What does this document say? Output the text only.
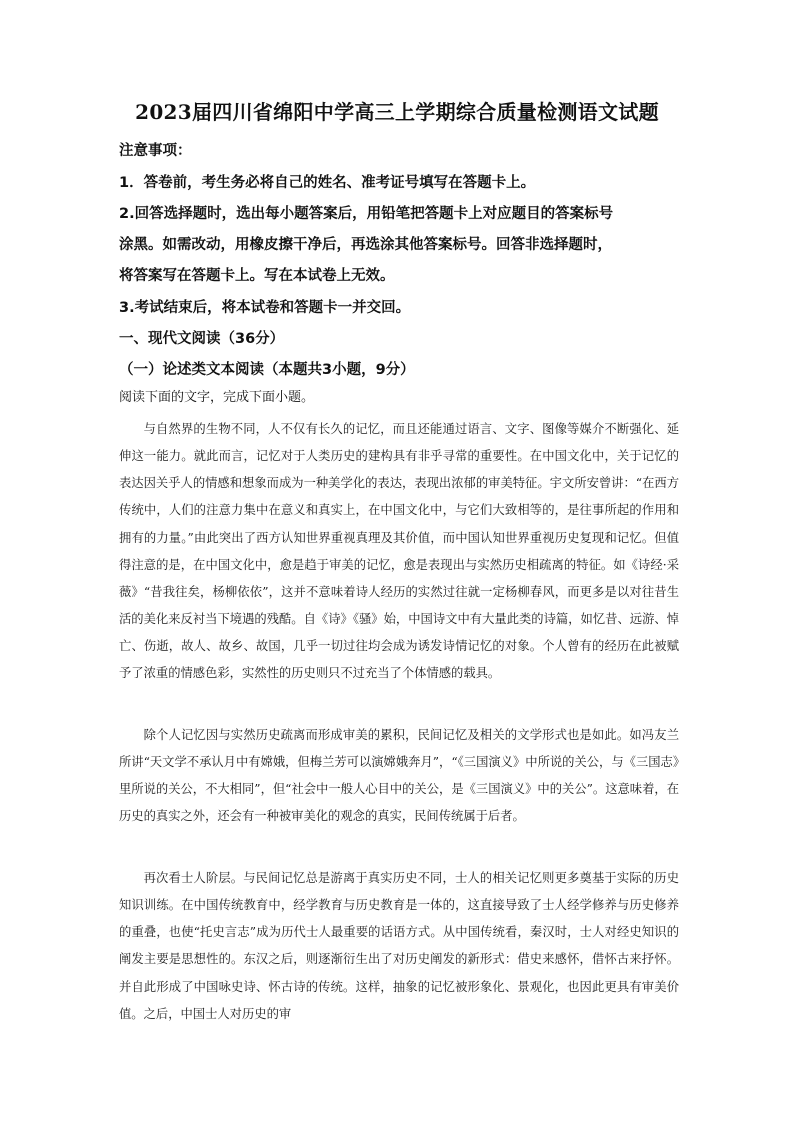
2023届四川省绵阳中学高三上学期综合质量检测语文试题
注意事项：
1．答卷前，考生务必将自己的姓名、准考证号填写在答题卡上。
2.回答选择题时，选出每小题答案后，用铅笔把答题卡上对应题目的答案标号
涂黑。如需改动，用橡皮擦干净后，再选涂其他答案标号。回答非选择题时，
将答案写在答题卡上。写在本试卷上无效。
3.考试结束后，将本试卷和答题卡一并交回。
一、现代文阅读（36分）
（一）论述类文本阅读（本题共3小题，9分）
阅读下面的文字，完成下面小题。

与自然界的生物不同，人不仅有长久的记忆，而且还能通过语言、文字、图像等媒介不断强化、延伸这一能力。就此而言，记忆对于人类历史的建构具有非乎寻常的重要性。在中国文化中，关于记忆的表达因关乎人的情感和想象而成为一种美学化的表达，表现出浓郁的审美特征。宇文所安曾讲：“在西方传统中，人们的注意力集中在意义和真实上，在中国文化中，与它们大致相等的，是往事所起的作用和拥有的力量。”由此突出了西方认知世界重视真理及其价值，而中国认知世界重视历史复现和记忆。但值得注意的是，在中国文化中，愈是趋于审美的记忆，愈是表现出与实然历史相疏离的特征。如《诗经·采薇》“昔我往矣，杨柳依依”，这并不意味着诗人经历的实然过往就一定杨柳春风，而更多是以对往昔生活的美化来反衬当下境遇的残酷。自《诗》《骚》始，中国诗文中有大量此类的诗篇，如忆昔、远游、悼亡、伤逝，故人、故乡、故国，几乎一切过往均会成为诱发诗情记忆的对象。个人曾有的经历在此被赋予了浓重的情感色彩，实然性的历史则只不过充当了个体情感的载具。

除个人记忆因与实然历史疏离而形成审美的累积，民间记忆及相关的文学形式也是如此。如冯友兰所讲“天文学不承认月中有嫦娥，但梅兰芳可以演嫦娥奔月”，“《三国演义》中所说的关公，与《三国志》里所说的关公，不大相同”，但“社会中一般人心目中的关公，是《三国演义》中的关公”。这意味着，在历史的真实之外，还会有一种被审美化的观念的真实，民间传统属于后者。

再次看士人阶层。与民间记忆总是游离于真实历史不同，士人的相关记忆则更多奠基于实际的历史知识训练。在中国传统教育中，经学教育与历史教育是一体的，这直接导致了士人经学修养与历史修养的重叠，也使“托史言志”成为历代士人最重要的话语方式。从中国传统看，秦汉时，士人对经史知识的阐发主要是思想性的。东汉之后，则逐渐衍生出了对历史阐发的新形式：借史来感怀，借怀古来抒怀。并自此形成了中国咏史诗、怀古诗的传统。这样，抽象的记忆被形象化、景观化，也因此更具有审美价值。之后，中国士人对历史的审
